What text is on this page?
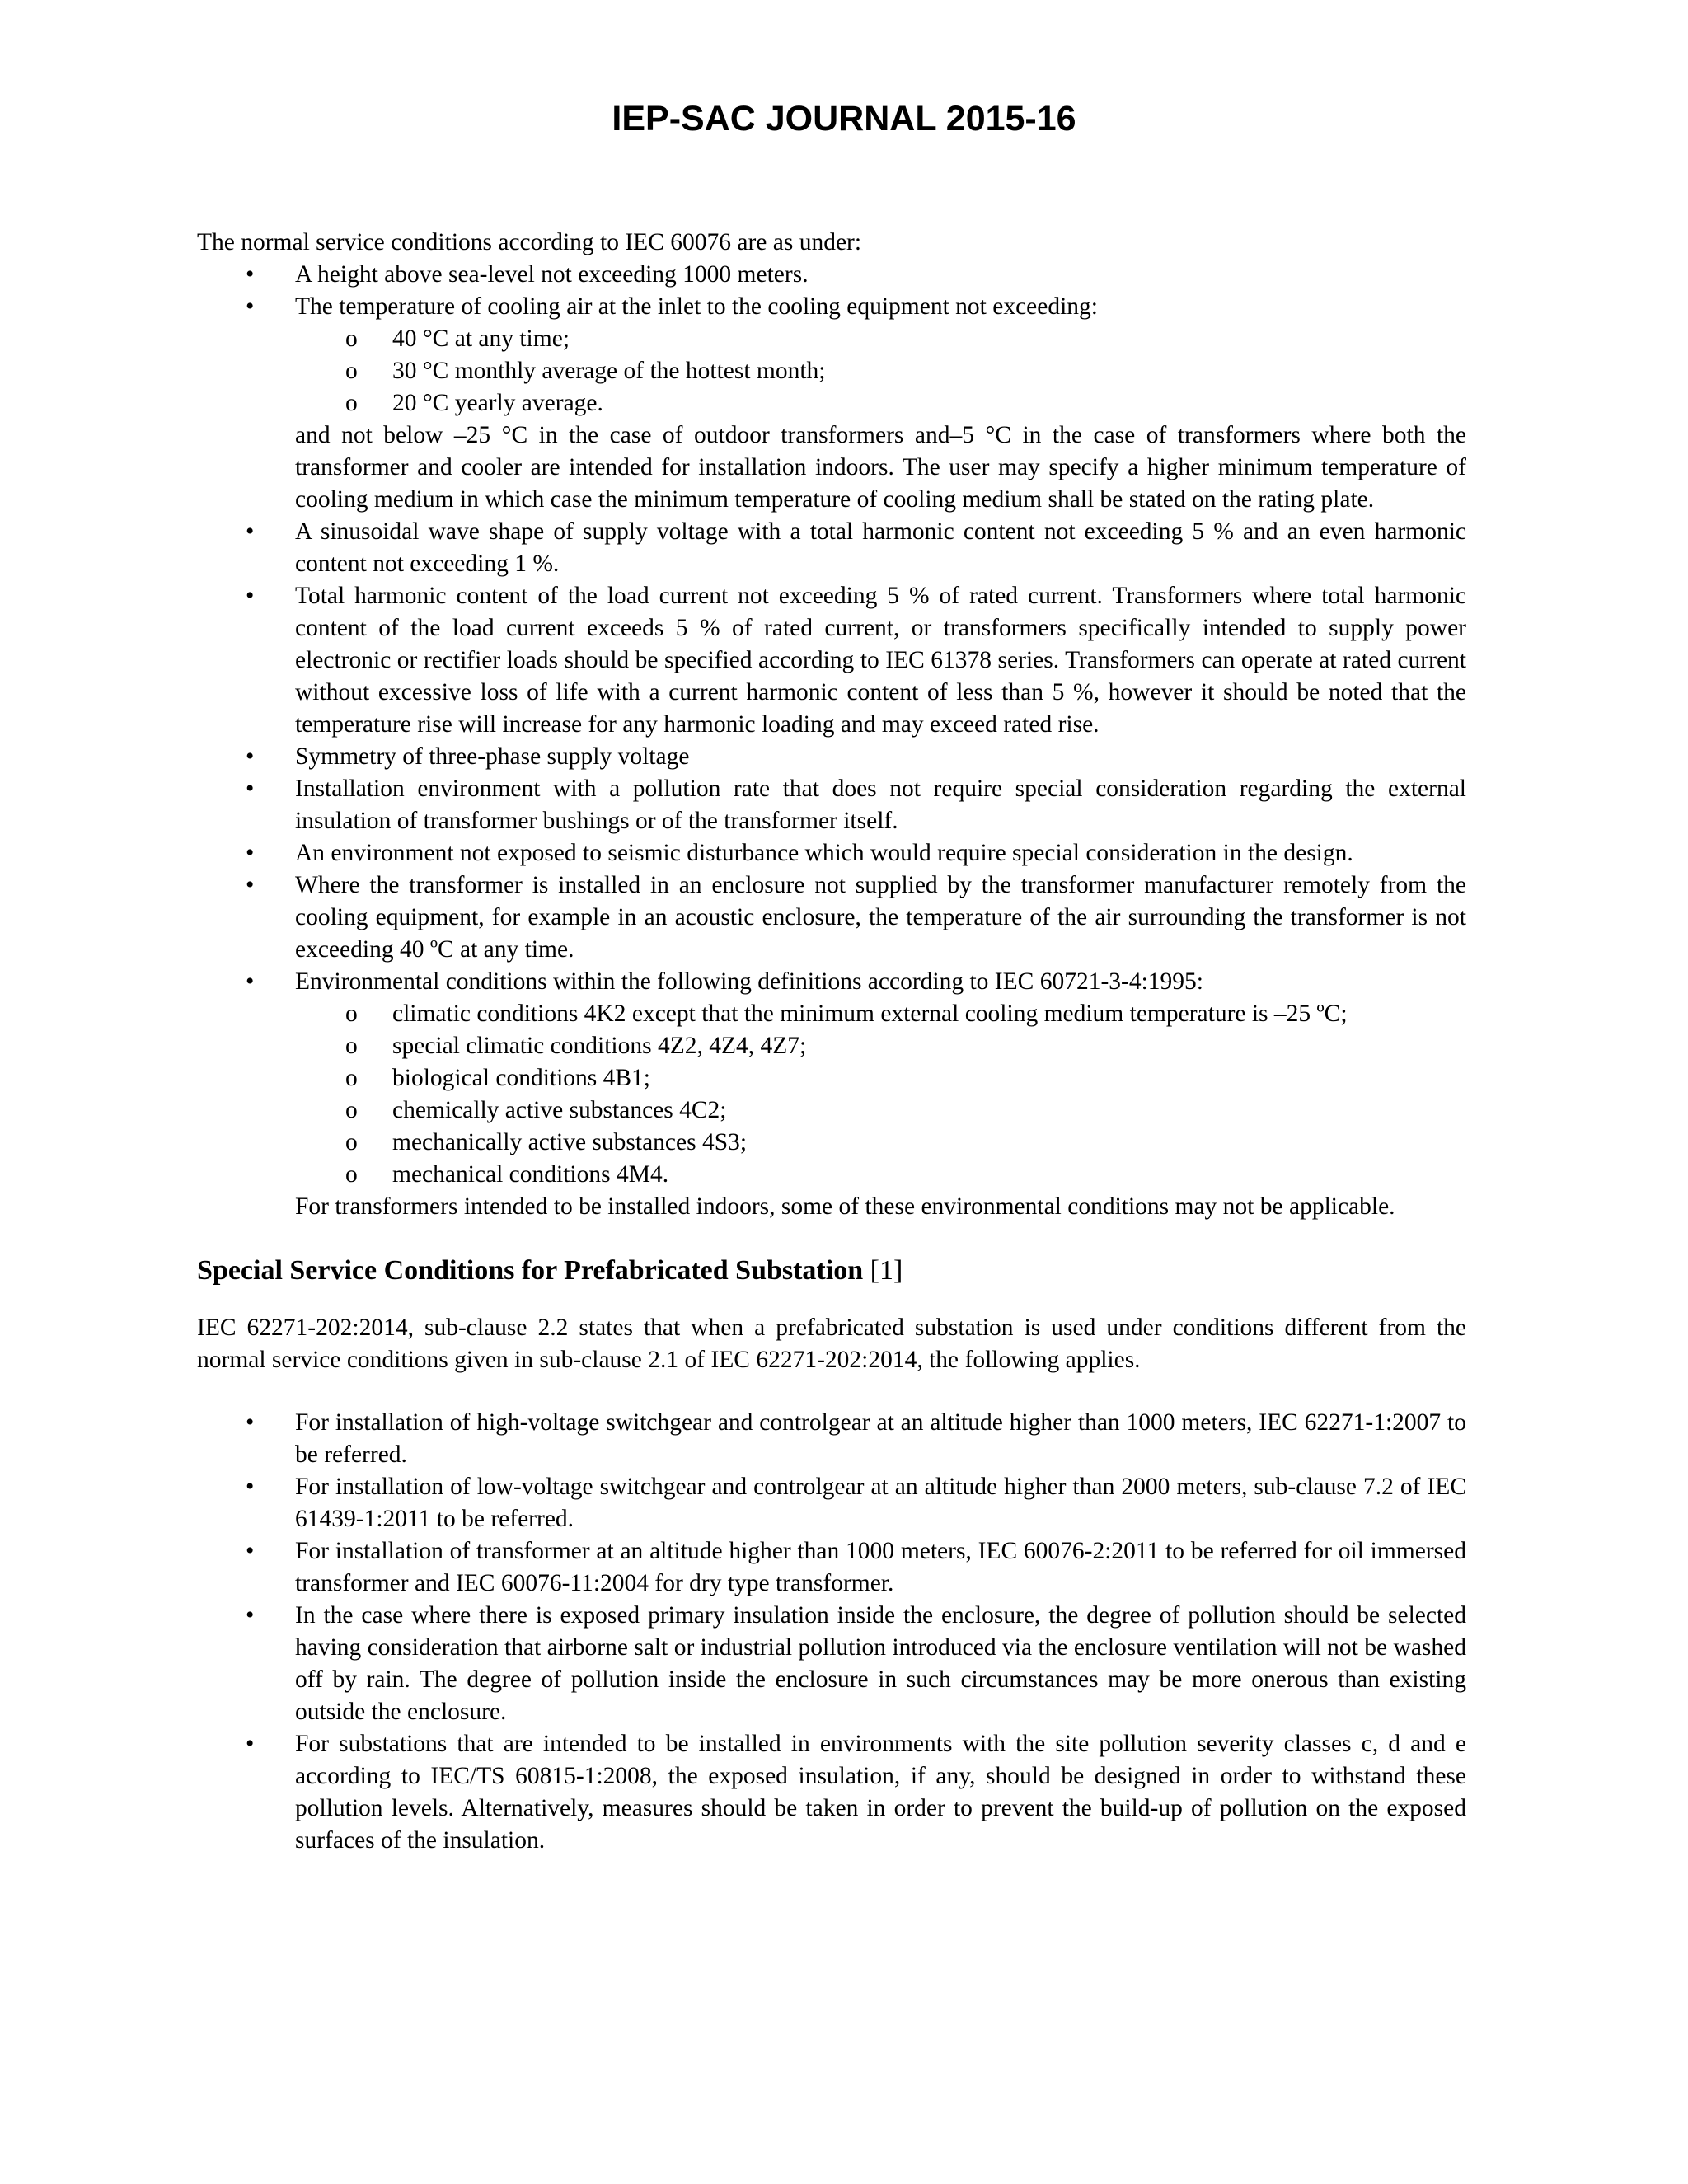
IEP-SAC JOURNAL 2015-16

The normal service conditions according to IEC 60076 are as under:

• A height above sea-level not exceeding 1000 meters.
• The temperature of cooling air at the inlet to the cooling equipment not exceeding:
o 40 °C at any time;
o 30 °C monthly average of the hottest month;
o 20 °C yearly average.

and not below –25 °C in the case of outdoor transformers and–5 °C in the case of transformers where both the transformer and cooler are intended for installation indoors. The user may specify a higher minimum temperature of cooling medium in which case the minimum temperature of cooling medium shall be stated on the rating plate.

• A sinusoidal wave shape of supply voltage with a total harmonic content not exceeding 5 % and an even harmonic content not exceeding 1 %.
• Total harmonic content of the load current not exceeding 5 % of rated current. Transformers where total harmonic content of the load current exceeds 5 % of rated current, or transformers specifically intended to supply power electronic or rectifier loads should be specified according to IEC 61378 series. Transformers can operate at rated current without excessive loss of life with a current harmonic content of less than 5 %, however it should be noted that the temperature rise will increase for any harmonic loading and may exceed rated rise.
• Symmetry of three-phase supply voltage
• Installation environment with a pollution rate that does not require special consideration regarding the external insulation of transformer bushings or of the transformer itself.
• An environment not exposed to seismic disturbance which would require special consideration in the design.
• Where the transformer is installed in an enclosure not supplied by the transformer manufacturer remotely from the cooling equipment, for example in an acoustic enclosure, the temperature of the air surrounding the transformer is not exceeding 40 ºC at any time.
• Environmental conditions within the following definitions according to IEC 60721-3-4:1995:
o climatic conditions 4K2 except that the minimum external cooling medium temperature is –25 ºC;
o special climatic conditions 4Z2, 4Z4, 4Z7;
o biological conditions 4B1;
o chemically active substances 4C2;
o mechanically active substances 4S3;
o mechanical conditions 4M4.

For transformers intended to be installed indoors, some of these environmental conditions may not be applicable.

Special Service Conditions for Prefabricated Substation [1]

IEC 62271-202:2014, sub-clause 2.2 states that when a prefabricated substation is used under conditions different from the normal service conditions given in sub-clause 2.1 of IEC 62271-202:2014, the following applies.

• For installation of high-voltage switchgear and controlgear at an altitude higher than 1000 meters, IEC 62271-1:2007 to be referred.
• For installation of low-voltage switchgear and controlgear at an altitude higher than 2000 meters, sub-clause 7.2 of IEC 61439-1:2011 to be referred.
• For installation of transformer at an altitude higher than 1000 meters, IEC 60076-2:2011 to be referred for oil immersed transformer and IEC 60076-11:2004 for dry type transformer.
• In the case where there is exposed primary insulation inside the enclosure, the degree of pollution should be selected having consideration that airborne salt or industrial pollution introduced via the enclosure ventilation will not be washed off by rain. The degree of pollution inside the enclosure in such circumstances may be more onerous than existing outside the enclosure.
• For substations that are intended to be installed in environments with the site pollution severity classes c, d and e according to IEC/TS 60815-1:2008, the exposed insulation, if any, should be designed in order to withstand these pollution levels. Alternatively, measures should be taken in order to prevent the build-up of pollution on the exposed surfaces of the insulation.
